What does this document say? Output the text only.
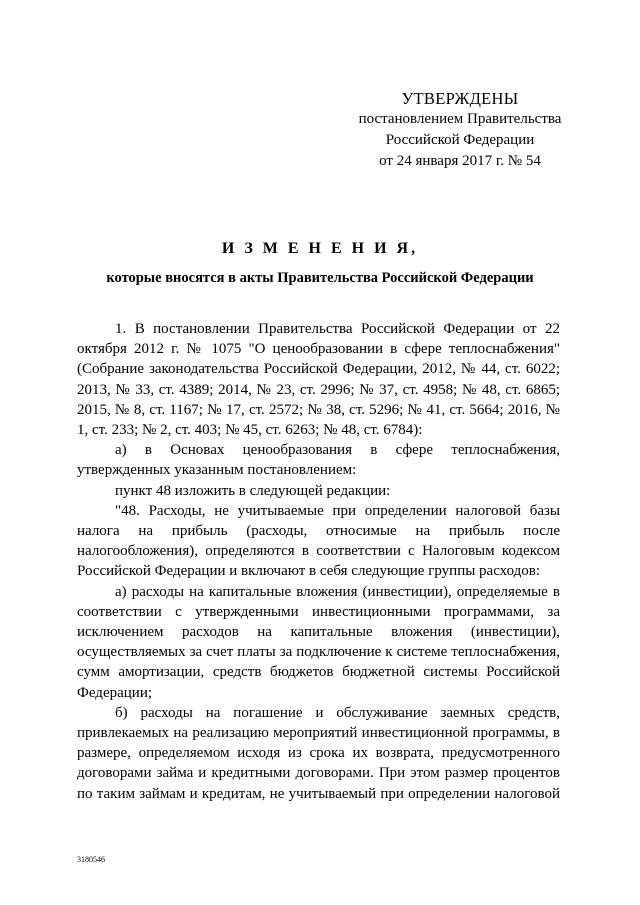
УТВЕРЖДЕНЫ
постановлением Правительства
Российской Федерации
от 24 января 2017 г. № 54
И З М Е Н Е Н И Я,
которые вносятся в акты Правительства Российской Федерации

1. В постановлении Правительства Российской Федерации от 22 октября 2012 г. № 1075 "О ценообразовании в сфере теплоснабжения" (Собрание законодательства Российской Федерации, 2012, № 44, ст. 6022; 2013, № 33, ст. 4389; 2014, № 23, ст. 2996; № 37, ст. 4958; № 48, ст. 6865; 2015, № 8, ст. 1167; № 17, ст. 2572; № 38, ст. 5296; № 41, ст. 5664; 2016, № 1, ст. 233; № 2, ст. 403; № 45, ст. 6263; № 48, ст. 6784):

а) в Основах ценообразования в сфере теплоснабжения, утвержденных указанным постановлением:

пункт 48 изложить в следующей редакции:

"48. Расходы, не учитываемые при определении налоговой базы налога на прибыль (расходы, относимые на прибыль после налогообложения), определяются в соответствии с Налоговым кодексом Российской Федерации и включают в себя следующие группы расходов:

а) расходы на капитальные вложения (инвестиции), определяемые в соответствии с утвержденными инвестиционными программами, за исключением расходов на капитальные вложения (инвестиции), осуществляемых за счет платы за подключение к системе теплоснабжения, сумм амортизации, средств бюджетов бюджетной системы Российской Федерации;

б) расходы на погашение и обслуживание заемных средств, привлекаемых на реализацию мероприятий инвестиционной программы, в размере, определяемом исходя из срока их возврата, предусмотренного договорами займа и кредитными договорами. При этом размер процентов по таким займам и кредитам, не учитываемый при определении налоговой

3180546
